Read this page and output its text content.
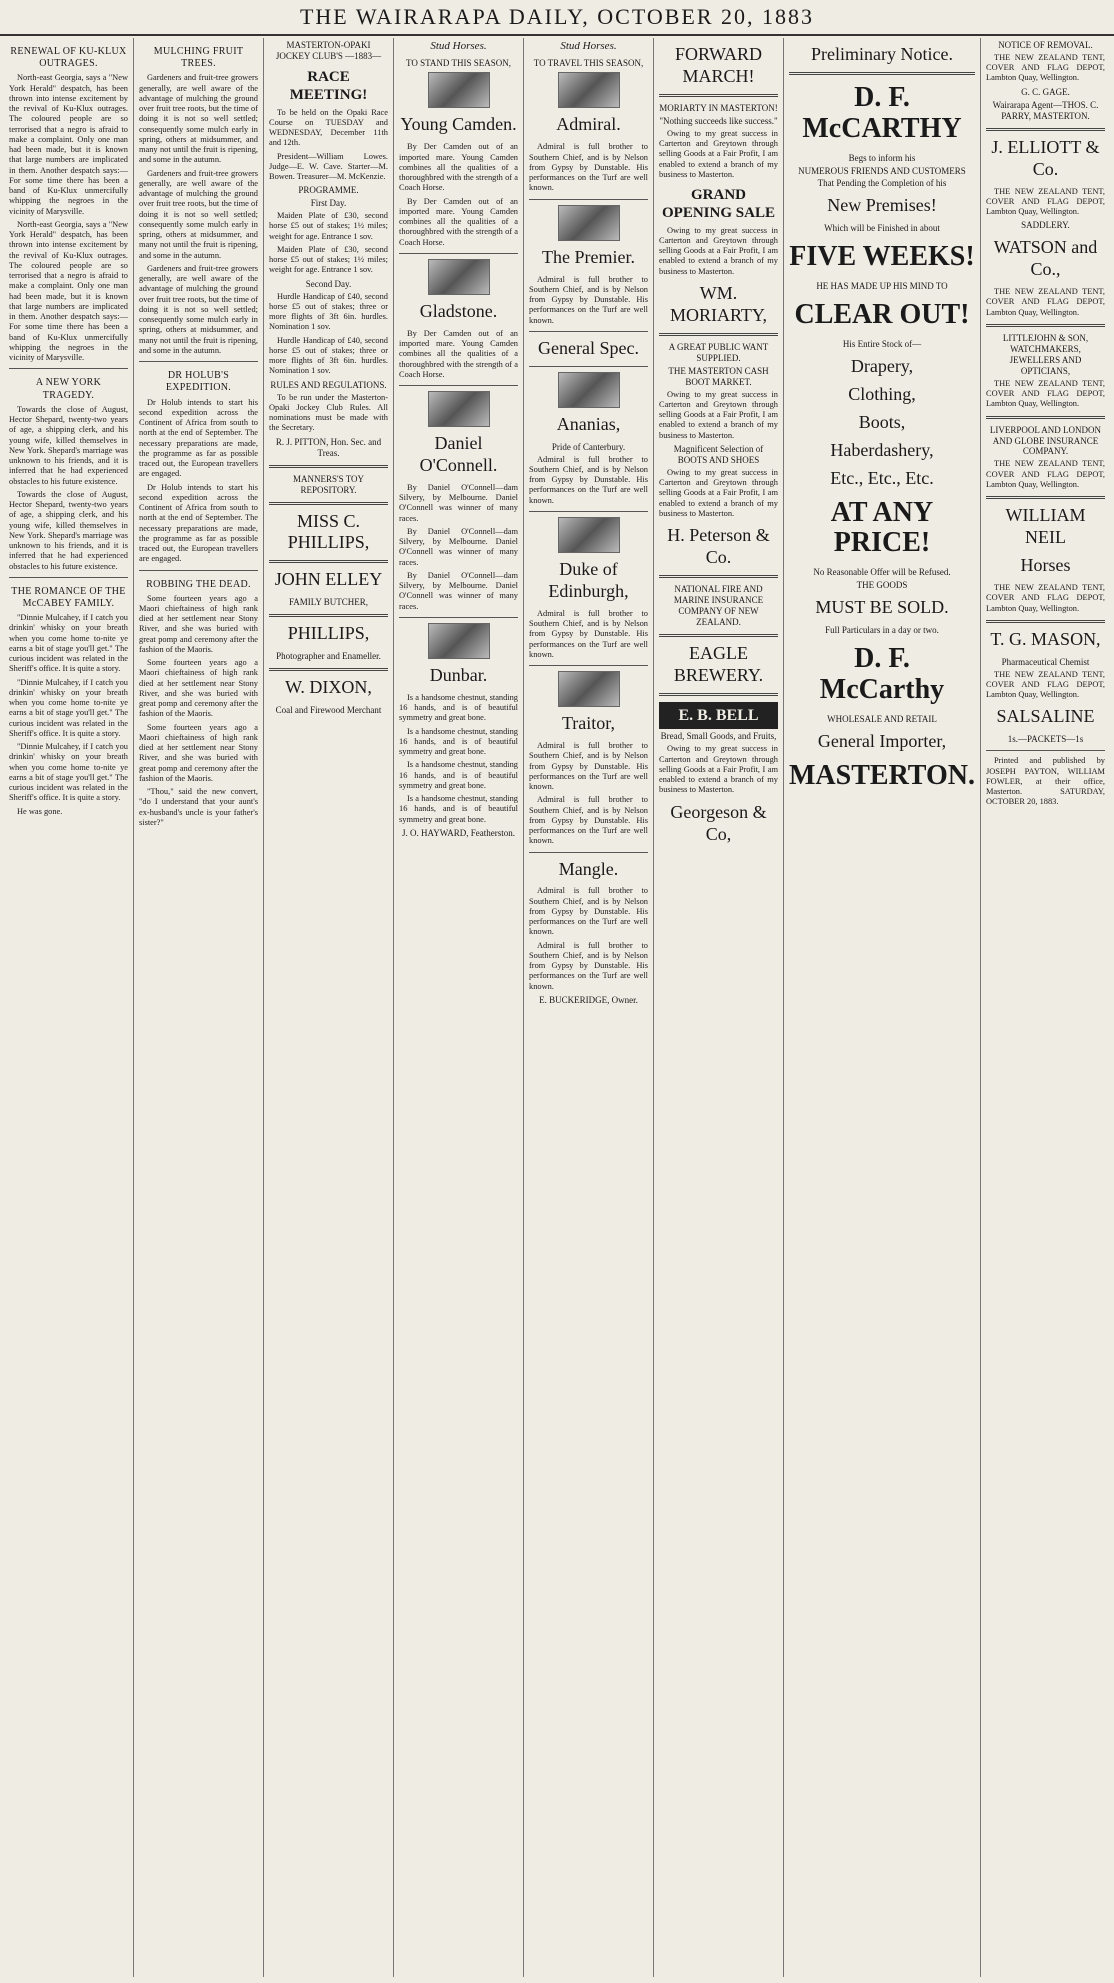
THE WAIRARAPA DAILY, OCTOBER 20, 1883
RENEWAL OF KU-KLUX OUTRAGES.

North-east Georgia, says a "New York Herald" despatch, has been thrown into intense excitement by the revival of Ku-Klux outrages. The coloured people are so terrorised that a negro is afraid to make a complaint. Only one man had been made, but it is known that large numbers are implicated in them. Another despatch says:—For some time there has been a band of Ku-Klux unmercifully whipping the negroes in the vicinity of Marysville.

North-east Georgia, says a "New York Herald" despatch, has been thrown into intense excitement by the revival of Ku-Klux outrages. The coloured people are so terrorised that a negro is afraid to make a complaint. Only one man had been made, but it is known that large numbers are implicated in them. Another despatch says:—For some time there has been a band of Ku-Klux unmercifully whipping the negroes in the vicinity of Marysville.

A NEW YORK TRAGEDY.

Towards the close of August, Hector Shepard, twenty-two years of age, a shipping clerk, and his young wife, killed themselves in New York. Shepard's marriage was unknown to his friends, and it is inferred that he had experienced obstacles to his future existence.

Towards the close of August, Hector Shepard, twenty-two years of age, a shipping clerk, and his young wife, killed themselves in New York. Shepard's marriage was unknown to his friends, and it is inferred that he had experienced obstacles to his future existence.

THE ROMANCE OF THE McCABEY FAMILY.

"Dinnie Mulcahey, if I catch you drinkin' whisky on your breath when you come home to-nite ye earns a bit of stage you'll get." The curious incident was related in the Sheriff's office. It is quite a story.

"Dinnie Mulcahey, if I catch you drinkin' whisky on your breath when you come home to-nite ye earns a bit of stage you'll get." The curious incident was related in the Sheriff's office. It is quite a story.

"Dinnie Mulcahey, if I catch you drinkin' whisky on your breath when you come home to-nite ye earns a bit of stage you'll get." The curious incident was related in the Sheriff's office. It is quite a story.

He was gone.

MULCHING FRUIT TREES.

Gardeners and fruit-tree growers generally, are well aware of the advantage of mulching the ground over fruit tree roots, but the time of doing it is not so well settled; consequently some mulch early in spring, others at midsummer, and many not until the fruit is ripening, and some in the autumn.

Gardeners and fruit-tree growers generally, are well aware of the advantage of mulching the ground over fruit tree roots, but the time of doing it is not so well settled; consequently some mulch early in spring, others at midsummer, and many not until the fruit is ripening, and some in the autumn.

Gardeners and fruit-tree growers generally, are well aware of the advantage of mulching the ground over fruit tree roots, but the time of doing it is not so well settled; consequently some mulch early in spring, others at midsummer, and many not until the fruit is ripening, and some in the autumn.

DR HOLUB'S EXPEDITION.

Dr Holub intends to start his second expedition across the Continent of Africa from south to north at the end of September. The necessary preparations are made, the programme as far as possible traced out, the European travellers are engaged.

Dr Holub intends to start his second expedition across the Continent of Africa from south to north at the end of September. The necessary preparations are made, the programme as far as possible traced out, the European travellers are engaged.

ROBBING THE DEAD.

Some fourteen years ago a Maori chieftainess of high rank died at her settlement near Stony River, and she was buried with great pomp and ceremony after the fashion of the Maoris.

Some fourteen years ago a Maori chieftainess of high rank died at her settlement near Stony River, and she was buried with great pomp and ceremony after the fashion of the Maoris.

Some fourteen years ago a Maori chieftainess of high rank died at her settlement near Stony River, and she was buried with great pomp and ceremony after the fashion of the Maoris.

"Thou," said the new convert, "do I understand that your aunt's ex-husband's uncle is your father's sister?"

MASTERTON-OPAKI JOCKEY CLUB'S —1883—
RACE MEETING!

To be held on the Opaki Race Course on TUESDAY and WEDNESDAY, December 11th and 12th.

President—William Lowes. Judge—E. W. Cave. Starter—M. Bowen. Treasurer—M. McKenzie.

PROGRAMME.
First Day.

Maiden Plate of £30, second horse £5 out of stakes; 1½ miles; weight for age. Entrance 1 sov.

Maiden Plate of £30, second horse £5 out of stakes; 1½ miles; weight for age. Entrance 1 sov.

Second Day.

Hurdle Handicap of £40, second horse £5 out of stakes; three or more flights of 3ft 6in. hurdles. Nomination 1 sov.

Hurdle Handicap of £40, second horse £5 out of stakes; three or more flights of 3ft 6in. hurdles. Nomination 1 sov.

RULES AND REGULATIONS.

To be run under the Masterton-Opaki Jockey Club Rules. All nominations must be made with the Secretary.

R. J. PITTON, Hon. Sec. and Treas.
MANNERS'S TOY REPOSITORY.
MISS C. PHILLIPS,
JOHN ELLEY
FAMILY BUTCHER,
PHILLIPS,
Photographer and Enameller.
W. DIXON,
Coal and Firewood Merchant
Stud Horses.
TO STAND THIS SEASON,
Young Camden.

By Der Camden out of an imported mare. Young Camden combines all the qualities of a thoroughbred with the strength of a Coach Horse.

By Der Camden out of an imported mare. Young Camden combines all the qualities of a thoroughbred with the strength of a Coach Horse.

Gladstone.

By Der Camden out of an imported mare. Young Camden combines all the qualities of a thoroughbred with the strength of a Coach Horse.

Daniel O'Connell.

By Daniel O'Connell—dam Silvery, by Melbourne. Daniel O'Connell was winner of many races.

By Daniel O'Connell—dam Silvery, by Melbourne. Daniel O'Connell was winner of many races.

By Daniel O'Connell—dam Silvery, by Melbourne. Daniel O'Connell was winner of many races.

Dunbar.

Is a handsome chestnut, standing 16 hands, and is of beautiful symmetry and great bone.

Is a handsome chestnut, standing 16 hands, and is of beautiful symmetry and great bone.

Is a handsome chestnut, standing 16 hands, and is of beautiful symmetry and great bone.

Is a handsome chestnut, standing 16 hands, and is of beautiful symmetry and great bone.

J. O. HAYWARD, Featherston.
Stud Horses.
TO TRAVEL THIS SEASON,
Admiral.

Admiral is full brother to Southern Chief, and is by Nelson from Gypsy by Dunstable. His performances on the Turf are well known.

The Premier.

Admiral is full brother to Southern Chief, and is by Nelson from Gypsy by Dunstable. His performances on the Turf are well known.

General Spec.
Ananias,
Pride of Canterbury.

Admiral is full brother to Southern Chief, and is by Nelson from Gypsy by Dunstable. His performances on the Turf are well known.

Duke of Edinburgh,

Admiral is full brother to Southern Chief, and is by Nelson from Gypsy by Dunstable. His performances on the Turf are well known.

Traitor,

Admiral is full brother to Southern Chief, and is by Nelson from Gypsy by Dunstable. His performances on the Turf are well known.

Admiral is full brother to Southern Chief, and is by Nelson from Gypsy by Dunstable. His performances on the Turf are well known.

Mangle.

Admiral is full brother to Southern Chief, and is by Nelson from Gypsy by Dunstable. His performances on the Turf are well known.

Admiral is full brother to Southern Chief, and is by Nelson from Gypsy by Dunstable. His performances on the Turf are well known.

E. BUCKERIDGE, Owner.
FORWARD MARCH!
MORIARTY IN MASTERTON!
"Nothing succeeds like success."

Owing to my great success in Carterton and Greytown through selling Goods at a Fair Profit, I am enabled to extend a branch of my business to Masterton.

GRAND OPENING SALE

Owing to my great success in Carterton and Greytown through selling Goods at a Fair Profit, I am enabled to extend a branch of my business to Masterton.

WM. MORIARTY,
A GREAT PUBLIC WANT SUPPLIED.
THE MASTERTON CASH BOOT MARKET.

Owing to my great success in Carterton and Greytown through selling Goods at a Fair Profit, I am enabled to extend a branch of my business to Masterton.

Magnificent Selection of BOOTS AND SHOES

Owing to my great success in Carterton and Greytown through selling Goods at a Fair Profit, I am enabled to extend a branch of my business to Masterton.

H. Peterson & Co.
NATIONAL FIRE AND MARINE INSURANCE COMPANY OF NEW ZEALAND.
EAGLE BREWERY.
E. B. BELL
Bread, Small Goods, and Fruits,

Owing to my great success in Carterton and Greytown through selling Goods at a Fair Profit, I am enabled to extend a branch of my business to Masterton.

Georgeson & Co,
Preliminary Notice.
D. F. McCARTHY
Begs to inform his
NUMEROUS FRIENDS AND CUSTOMERS
That Pending the Completion of his
New Premises!
Which will be Finished in about
FIVE WEEKS!
HE HAS MADE UP HIS MIND TO
CLEAR OUT!
His Entire Stock of—
Drapery,
Clothing,
Boots,
Haberdashery,
Etc., Etc., Etc.
AT ANY PRICE!
No Reasonable Offer will be Refused.
THE GOODS
MUST BE SOLD.
Full Particulars in a day or two.
D. F. McCarthy
WHOLESALE AND RETAIL
General Importer,
MASTERTON.
NOTICE OF REMOVAL.

THE NEW ZEALAND TENT, COVER AND FLAG DEPOT, Lambton Quay, Wellington.

G. C. GAGE.
Wairarapa Agent—THOS. C. PARRY, MASTERTON.
J. ELLIOTT & Co.

THE NEW ZEALAND TENT, COVER AND FLAG DEPOT, Lambton Quay, Wellington.

SADDLERY.
WATSON and Co.,

THE NEW ZEALAND TENT, COVER AND FLAG DEPOT, Lambton Quay, Wellington.

LITTLEJOHN & SON, WATCHMAKERS, JEWELLERS AND OPTICIANS,

THE NEW ZEALAND TENT, COVER AND FLAG DEPOT, Lambton Quay, Wellington.

LIVERPOOL AND LONDON AND GLOBE INSURANCE COMPANY.

THE NEW ZEALAND TENT, COVER AND FLAG DEPOT, Lambton Quay, Wellington.

WILLIAM NEIL
Horses

THE NEW ZEALAND TENT, COVER AND FLAG DEPOT, Lambton Quay, Wellington.

T. G. MASON,
Pharmaceutical Chemist

THE NEW ZEALAND TENT, COVER AND FLAG DEPOT, Lambton Quay, Wellington.

SALSALINE
1s.—PACKETS—1s

Printed and published by JOSEPH PAYTON, WILLIAM FOWLER, at their office, Masterton. SATURDAY, OCTOBER 20, 1883.
